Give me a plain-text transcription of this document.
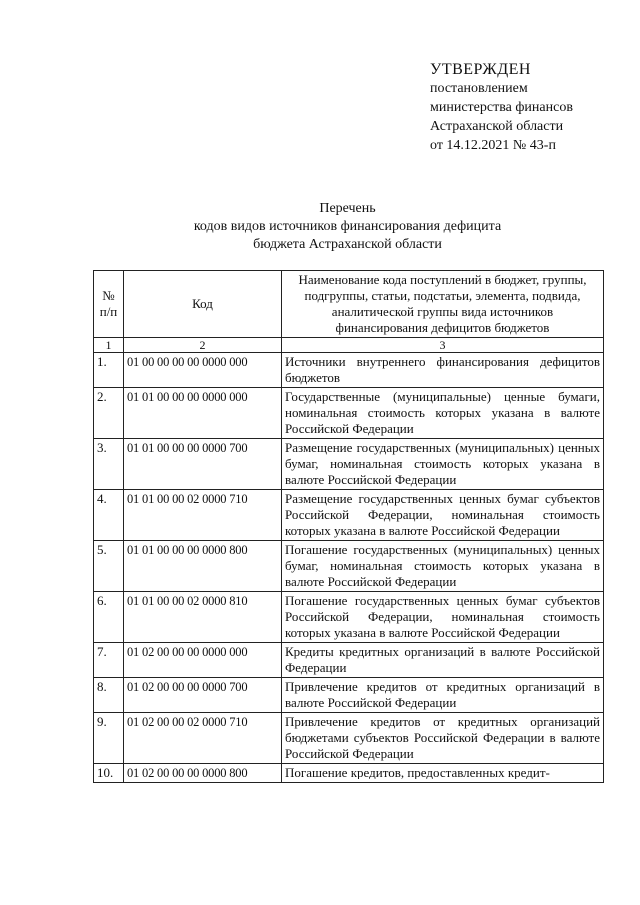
УТВЕРЖДЕН
постановлением
министерства финансов
Астраханской области
от 14.12.2021 № 43-п
Перечень
кодов видов источников финансирования дефицита
бюджета Астраханской области
№ п/п	Код	Наименование кода поступлений в бюджет, группы, подгруппы, статьи, подстатьи, элемента, подвида, аналитической группы вида источников финансирования дефицитов бюджетов
1	2	3
1.	01 00 00 00 00 0000 000	Источники внутреннего финансирования дефицитов бюджетов
2.	01 01 00 00 00 0000 000	Государственные (муниципальные) ценные бумаги, номинальная стоимость которых указана в валюте Российской Федерации
3.	01 01 00 00 00 0000 700	Размещение государственных (муниципальных) ценных бумаг, номинальная стоимость которых указана в валюте Российской Федерации
4.	01 01 00 00 02 0000 710	Размещение государственных ценных бумаг субъектов Российской Федерации, номинальная стоимость которых указана в валюте Российской Федерации
5.	01 01 00 00 00 0000 800	Погашение государственных (муниципальных) ценных бумаг, номинальная стоимость которых указана в валюте Российской Федерации
6.	01 01 00 00 02 0000 810	Погашение государственных ценных бумаг субъектов Российской Федерации, номинальная стоимость которых указана в валюте Российской Федерации
7.	01 02 00 00 00 0000 000	Кредиты кредитных организаций в валюте Российской Федерации
8.	01 02 00 00 00 0000 700	Привлечение кредитов от кредитных организаций в валюте Российской Федерации
9.	01 02 00 00 02 0000 710	Привлечение кредитов от кредитных организаций бюджетами субъектов Российской Федерации в валюте Российской Федерации
10.	01 02 00 00 00 0000 800	Погашение кредитов, предоставленных кредит-
